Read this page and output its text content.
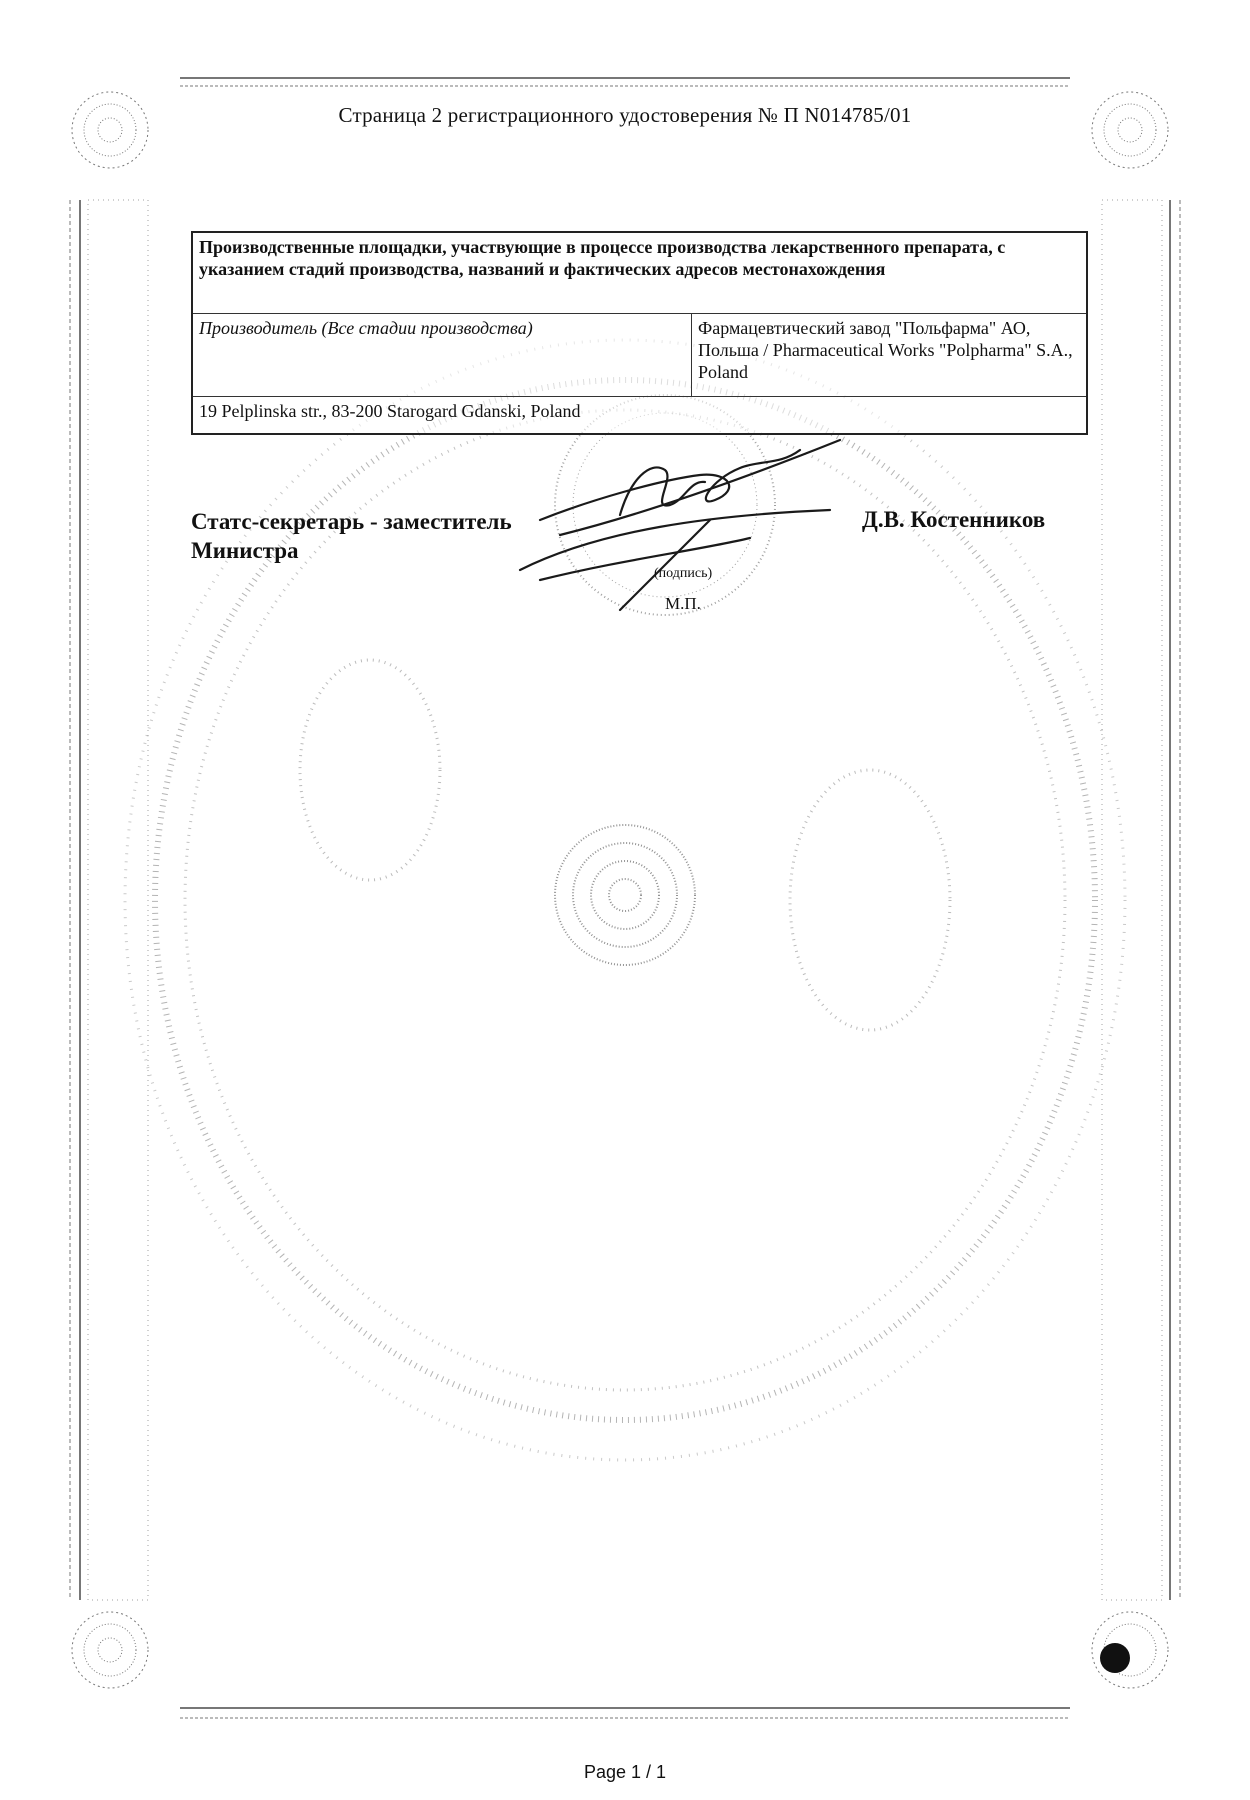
Страница 2 регистрационного удостоверения № П N014785/01
Производственные площадки, участвующие в процессе производства лекарственного препарата, с указанием стадий производства, названий и фактических адресов местонахождения
Производитель (Все стадии производства)	Фармацевтический завод "Польфарма" АО, Польша / Pharmaceutical Works "Polpharma" S.A., Poland
19 Pelplinska str., 83-200 Starogard Gdanski, Poland
Статс-секретарь - заместитель Министра
Д.В. Костенников
(подпись)
М.П.
Page 1 / 1
